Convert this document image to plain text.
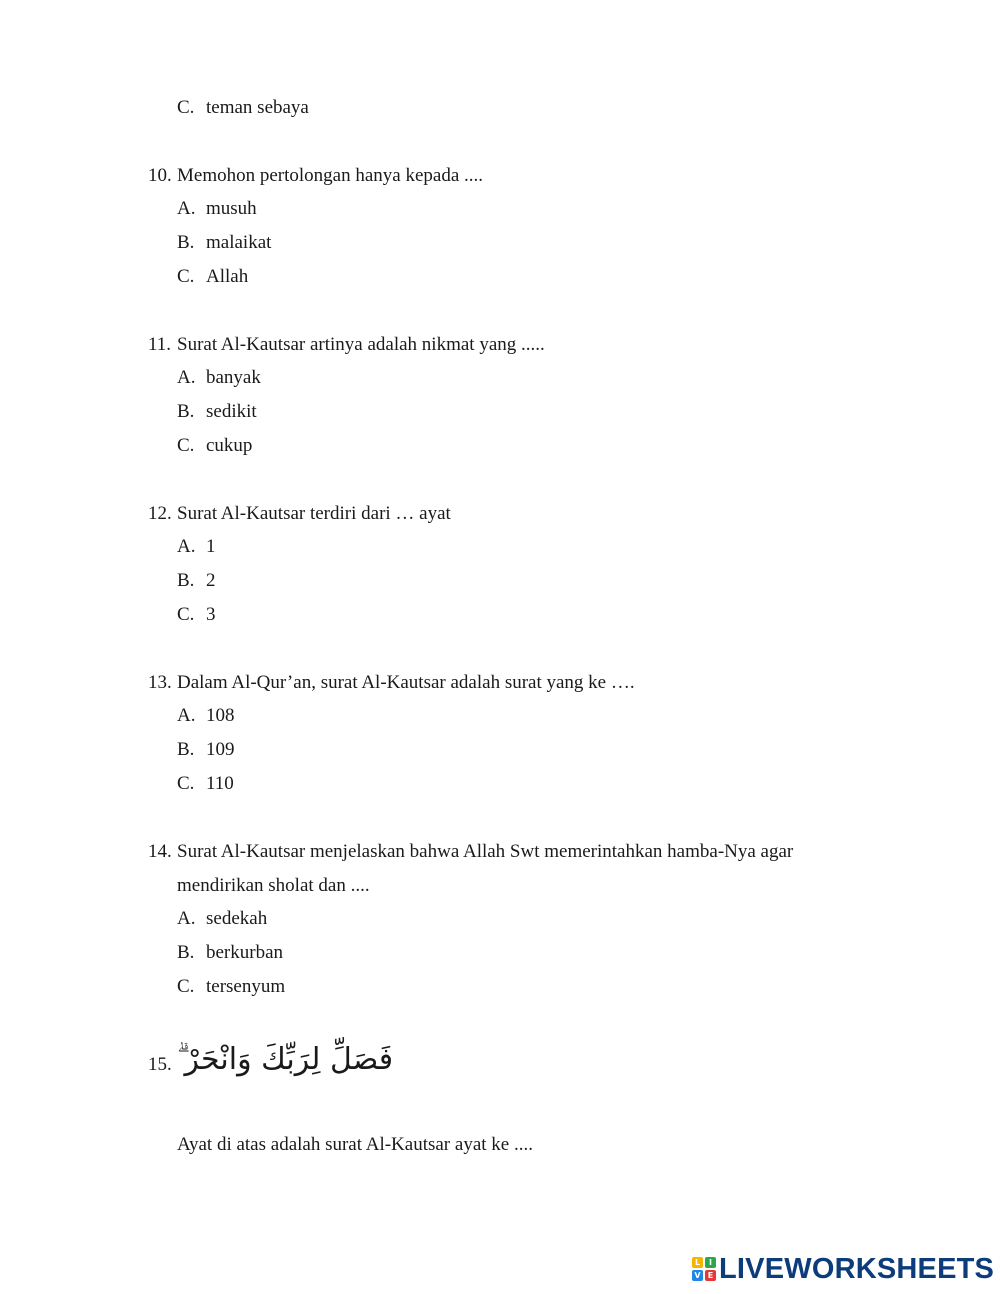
C. teman sebaya
10. Memohon pertolongan hanya kepada ....
A. musuh
B. malaikat
C. Allah
11. Surat Al-Kautsar artinya adalah nikmat yang .....
A. banyak
B. sedikit
C. cukup
12. Surat Al-Kautsar terdiri dari … ayat
A. 1
B. 2
C. 3
13. Dalam Al-Qur’an, surat Al-Kautsar adalah surat yang ke ….
A. 108
B. 109
C. 110
14. Surat Al-Kautsar menjelaskan bahwa Allah Swt memerintahkan hamba-Nya agar
mendirikan sholat dan ....
A. sedekah
B. berkurban
C. tersenyum
15. فَصَلِّ لِرَبِّكَ وَانْحَرْ ۗ
Ayat di atas adalah surat Al-Kautsar ayat ke ....
L	I
V E LIVEWORKSHEETS
